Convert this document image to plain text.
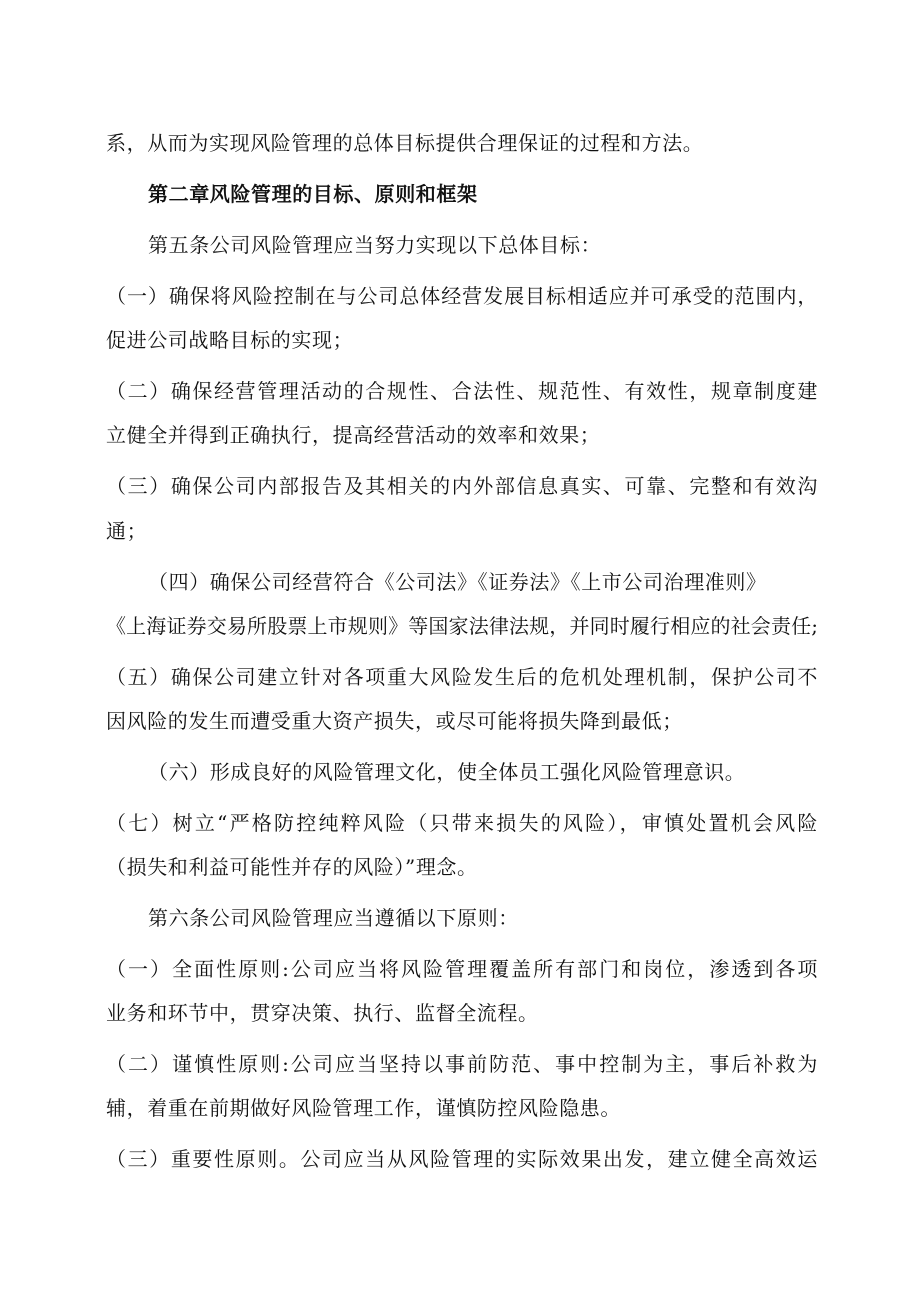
系，从而为实现风险管理的总体目标提供合理保证的过程和方法。

第二章风险管理的目标、原则和框架

第五条公司风险管理应当努力实现以下总体目标：

（一）确保将风险控制在与公司总体经营发展目标相适应并可承受的范围内，

促进公司战略目标的实现；

（二）确保经营管理活动的合规性、合法性、规范性、有效性，规章制度建

立健全并得到正确执行，提高经营活动的效率和效果；

（三）确保公司内部报告及其相关的内外部信息真实、可靠、完整和有效沟

通；

（四）确保公司经营符合《公司法》《证券法》《上市公司治理准则》

《上海证券交易所股票上市规则》等国家法律法规，并同时履行相应的社会责任;

（五）确保公司建立针对各项重大风险发生后的危机处理机制，保护公司不

因风险的发生而遭受重大资产损失，或尽可能将损失降到最低；

（六）形成良好的风险管理文化，使全体员工强化风险管理意识。

（七）树立“严格防控纯粹风险（只带来损失的风险），审慎处置机会风险

（损失和利益可能性并存的风险）”理念。

第六条公司风险管理应当遵循以下原则：

（一）全面性原则:公司应当将风险管理覆盖所有部门和岗位，渗透到各项

业务和环节中，贯穿决策、执行、监督全流程。

（二）谨慎性原则:公司应当坚持以事前防范、事中控制为主，事后补救为

辅，着重在前期做好风险管理工作，谨慎防控风险隐患。

（三）重要性原则。公司应当从风险管理的实际效果出发，建立健全高效运
